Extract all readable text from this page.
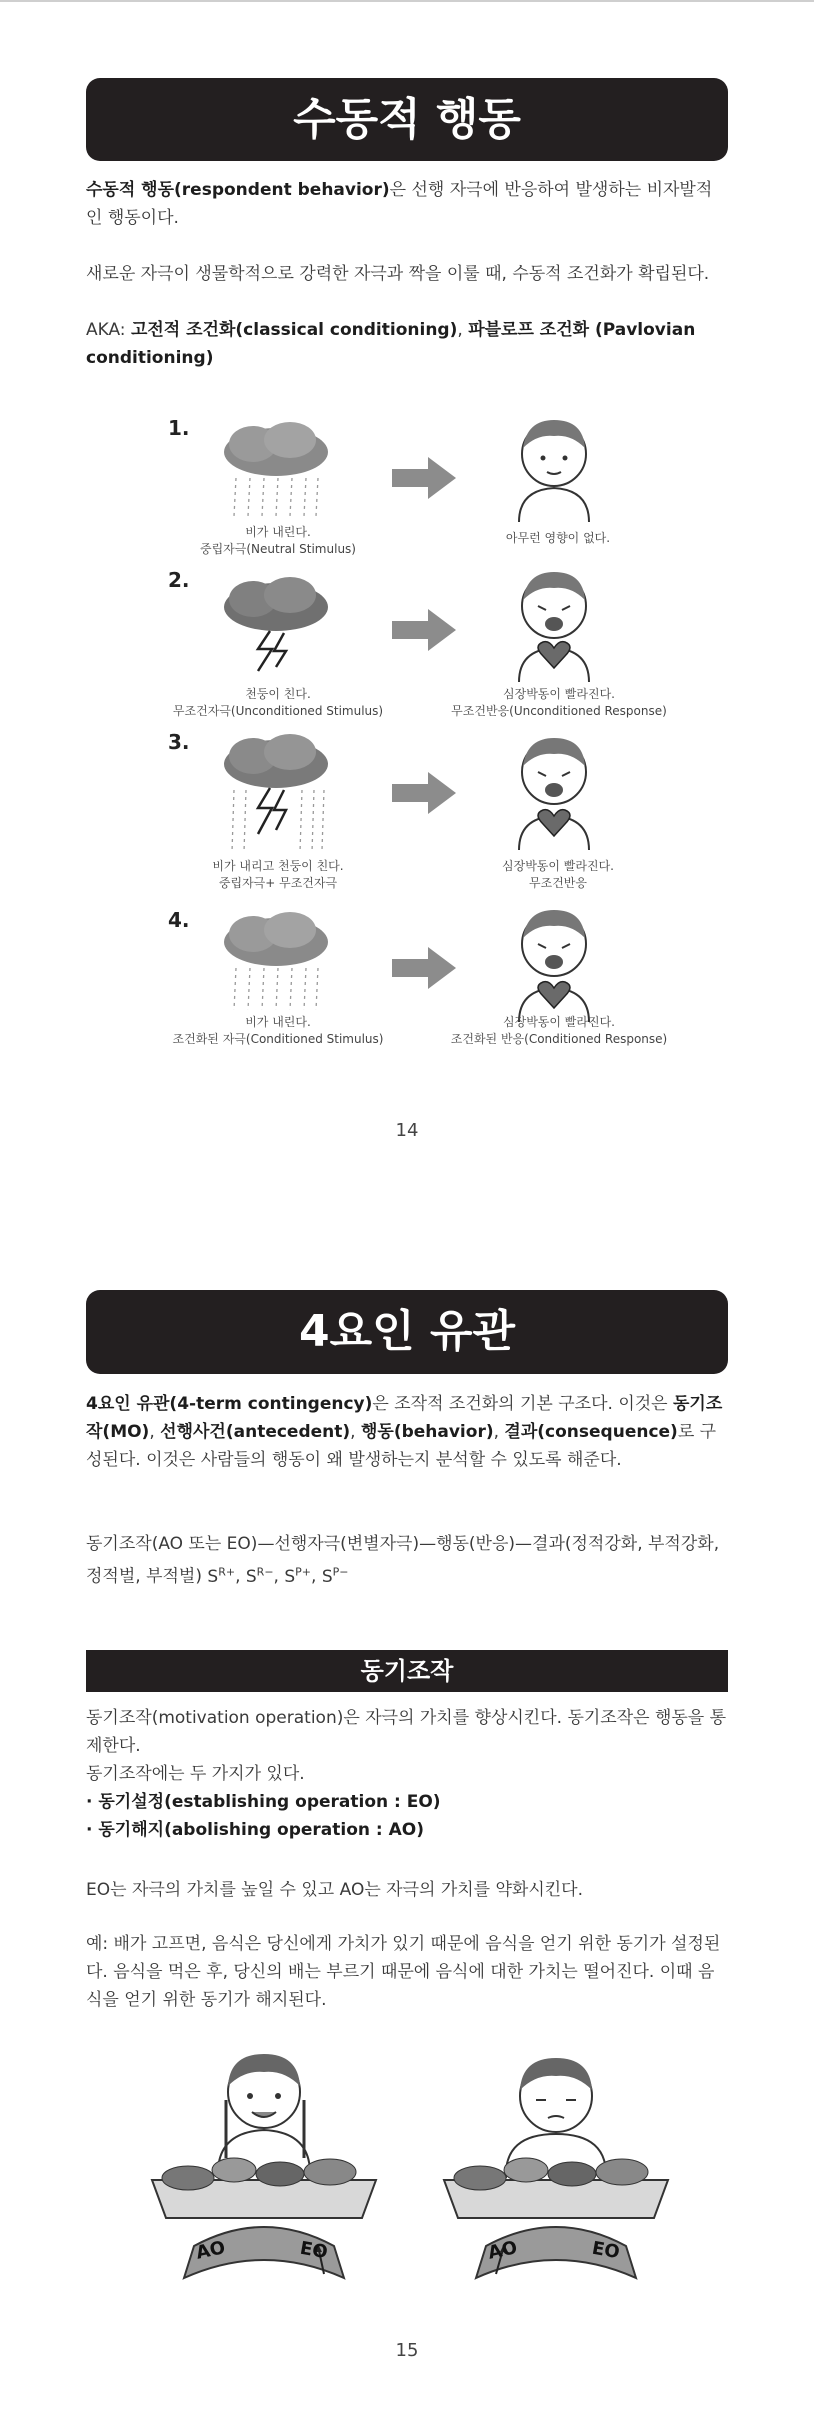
수동적 행동
수동적 행동(respondent behavior)은 선행 자극에 반응하여 발생하는 비자발적인 행동이다.
새로운 자극이 생물학적으로 강력한 자극과 짝을 이룰 때, 수동적 조건화가 확립된다.
AKA: 고전적 조건화(classical conditioning), 파블로프 조건화 (Pavlovian conditioning)
1.
2.
3.
4.
비가 내린다.
중립자극(Neutral Stimulus)
아무런 영향이 없다.
천둥이 친다.
무조건자극(Unconditioned Stimulus)
심장박동이 빨라진다.
무조건반응(Unconditioned Response)
비가 내리고 천둥이 친다.
중립자극+ 무조건자극
심장박동이 빨라진다.
무조건반응
비가 내린다.
조건화된 자극(Conditioned Stimulus)
심장박동이 빨라진다.
조건화된 반응(Conditioned Response)
14
4요인 유관
4요인 유관(4-term contingency)은 조작적 조건화의 기본 구조다. 이것은 동기조작(MO), 선행사건(antecedent), 행동(behavior), 결과(consequence)로 구성된다. 이것은 사람들의 행동이 왜 발생하는지 분석할 수 있도록 해준다.
동기조작(AO 또는 EO)—선행자극(변별자극)—행동(반응)—결과(정적강화, 부적강화, 정적벌, 부적벌) $S^{R+}$, $S^{R-}$, $S^{P+}$, $S^{P-}$
동기조작
동기조작(motivation operation)은 자극의 가치를 향상시킨다. 동기조작은 행동을 통제한다.
동기조작에는 두 가지가 있다.
· 동기설정(establishing operation : EO)
· 동기해지(abolishing operation : AO)
EO는 자극의 가치를 높일 수 있고 AO는 자극의 가치를 약화시킨다.
예: 배가 고프면, 음식은 당신에게 가치가 있기 때문에 음식을 얻기 위한 동기가 설정된다. 음식을 먹은 후, 당신의 배는 부르기 때문에 음식에 대한 가치는 떨어진다. 이때 음식을 얻기 위한 동기가 해지된다.
AO	EO	AO	EO
15
